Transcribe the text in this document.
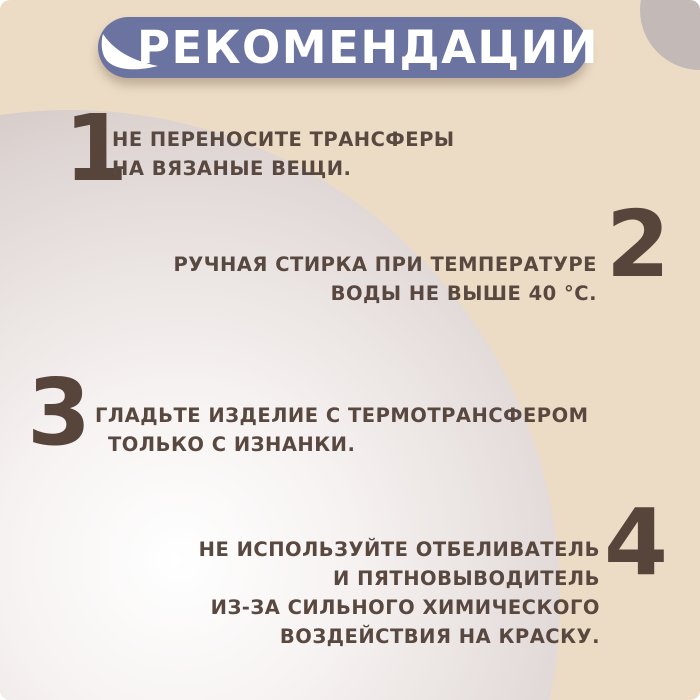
РЕКОМЕНДАЦИИ
1
НЕ ПЕРЕНОСИТЕ ТРАНСФЕРЫ
НА ВЯЗАНЫЕ ВЕЩИ.
2
РУЧНАЯ СТИРКА ПРИ ТЕМПЕРАТУРЕ
ВОДЫ НЕ ВЫШЕ 40 °C.
3 ГЛАДЬТЕ ИЗДЕЛИЕ С ТЕРМОТРАНСФЕРОМ
ТОЛЬКО С ИЗНАНКИ.
4
НЕ ИСПОЛЬЗУЙТЕ ОТБЕЛИВАТЕЛЬ
И ПЯТНОВЫВОДИТЕЛЬ
ИЗ-ЗА СИЛЬНОГО ХИМИЧЕСКОГО
ВОЗДЕЙСТВИЯ НА КРАСКУ.
